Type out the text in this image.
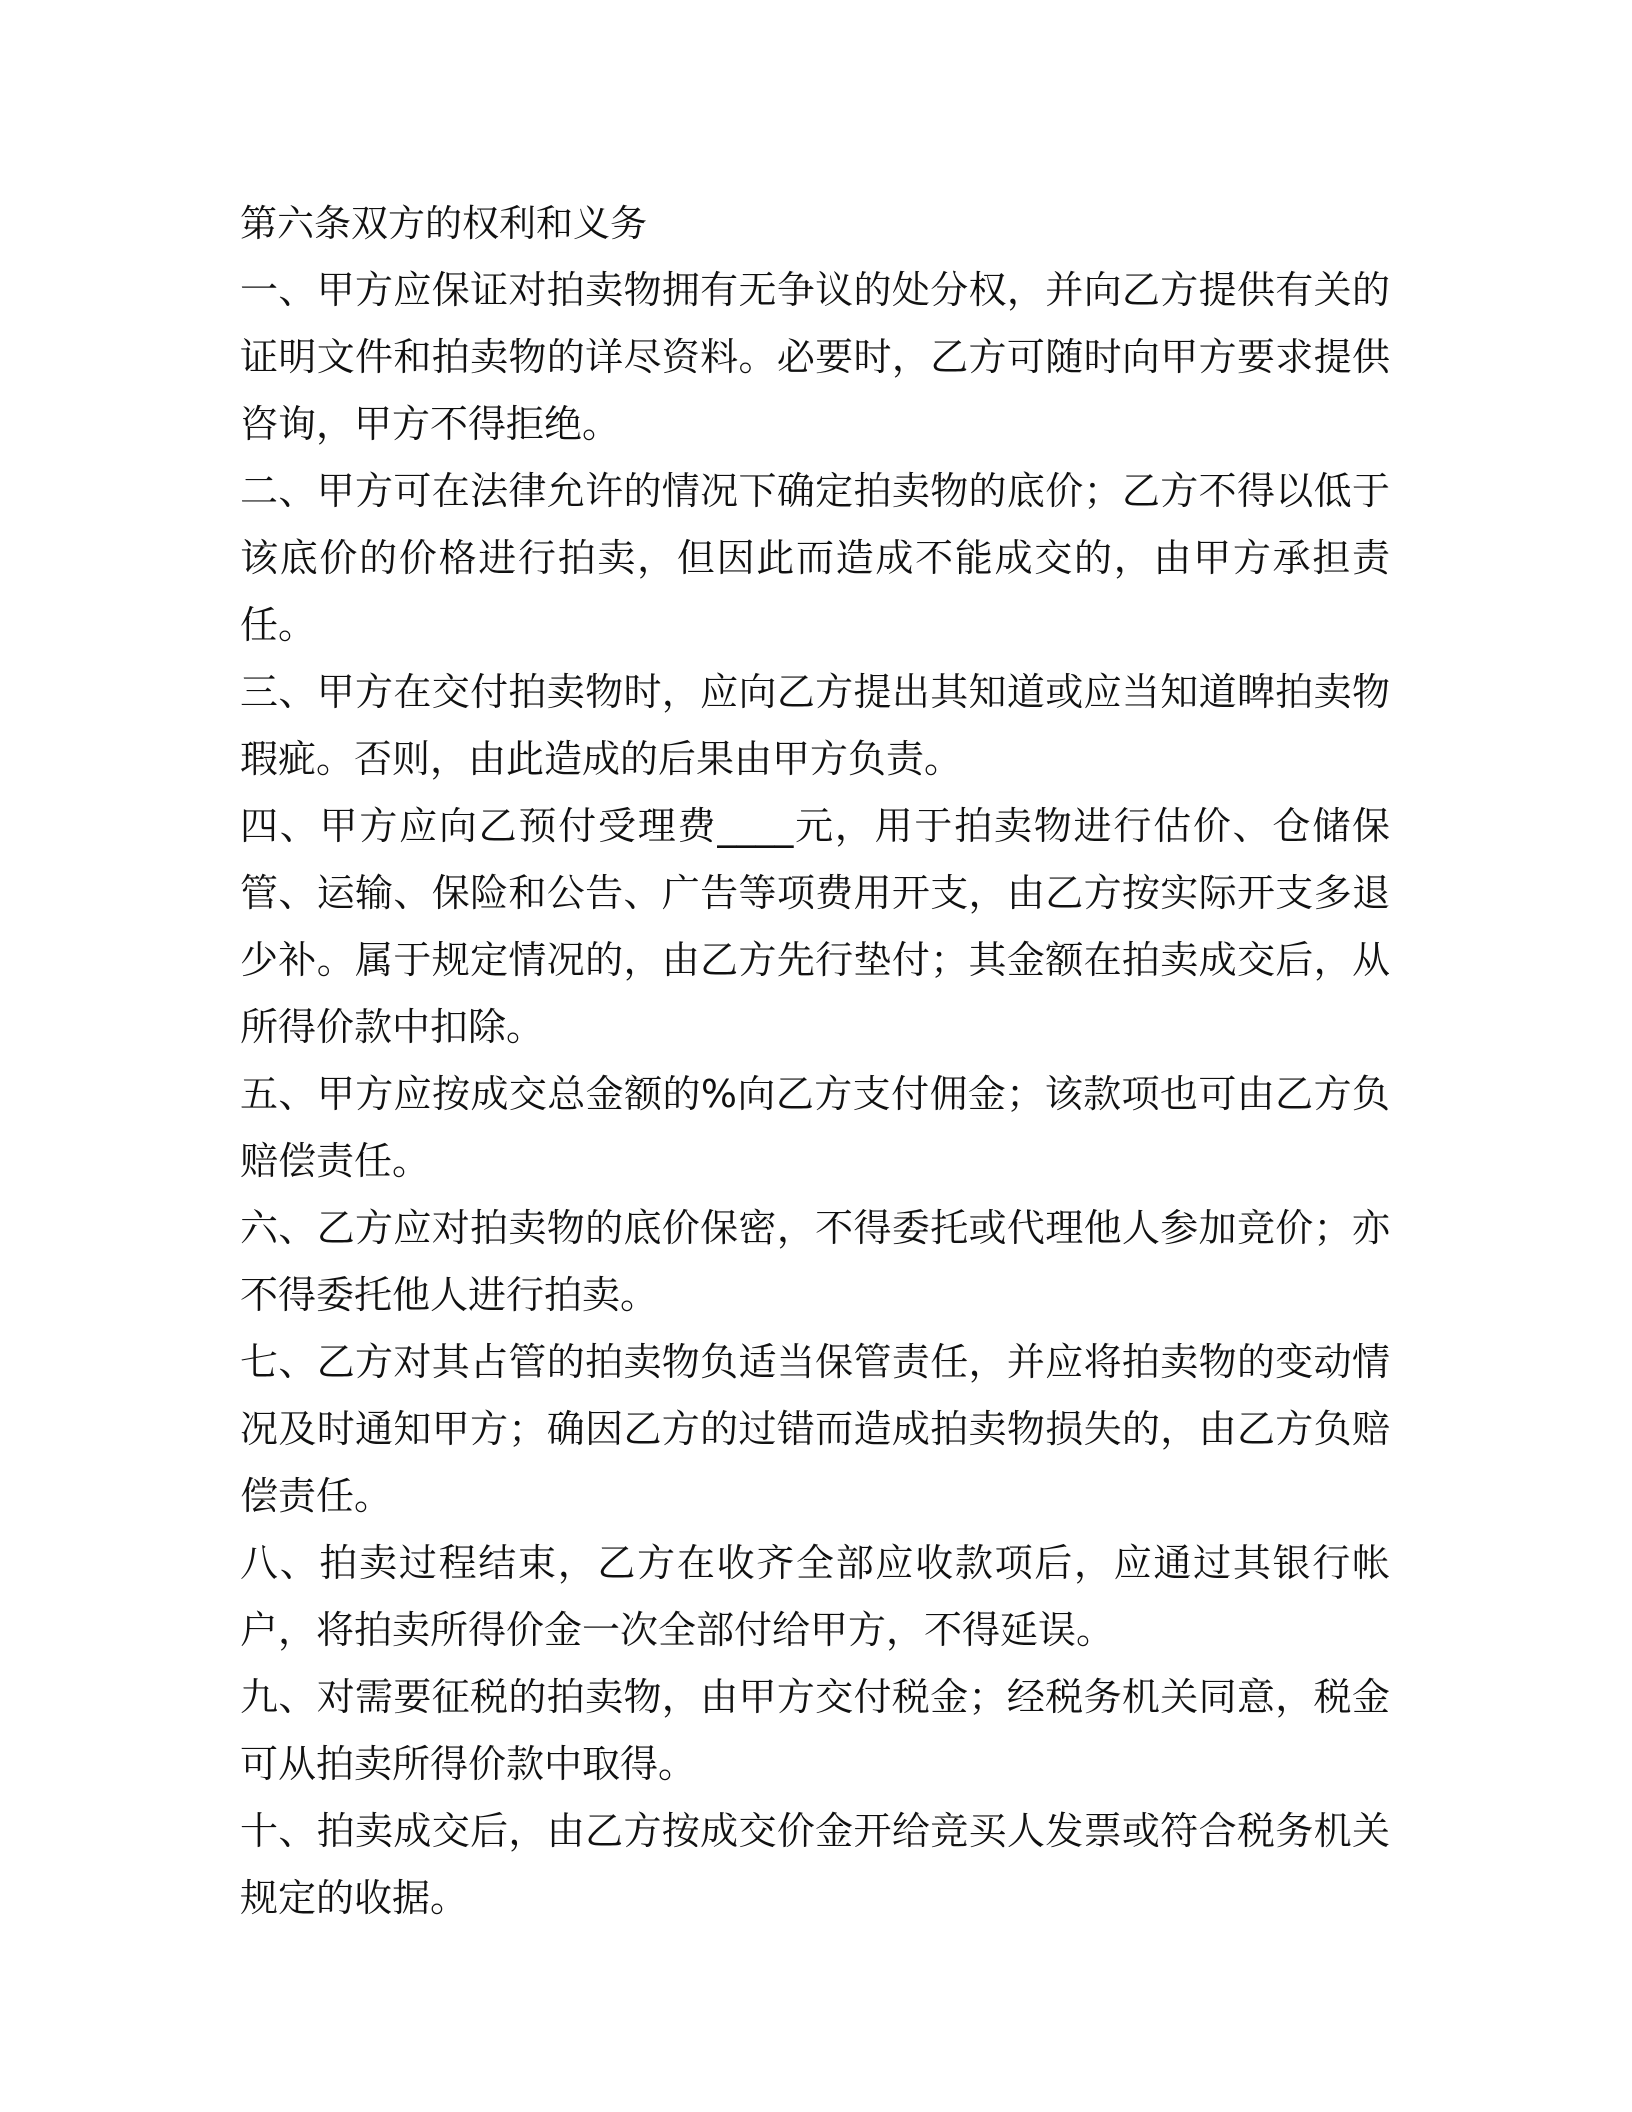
第六条双方的权利和义务

一、甲方应保证对拍卖物拥有无争议的处分权，并向乙方提供有关的证明文件和拍卖物的详尽资料。必要时，乙方可随时向甲方要求提供咨询，甲方不得拒绝。

二、甲方可在法律允许的情况下确定拍卖物的底价；乙方不得以低于该底价的价格进行拍卖，但因此而造成不能成交的，由甲方承担责任。

三、甲方在交付拍卖物时，应向乙方提出其知道或应当知道睥拍卖物瑕疵。否则，由此造成的后果由甲方负责。

四、甲方应向乙预付受理费____元，用于拍卖物进行估价、仓储保管、运输、保险和公告、广告等项费用开支，由乙方按实际开支多退少补。属于规定情况的，由乙方先行垫付；其金额在拍卖成交后，从所得价款中扣除。

五、甲方应按成交总金额的%向乙方支付佣金；该款项也可由乙方负赔偿责任。

六、乙方应对拍卖物的底价保密，不得委托或代理他人参加竞价；亦不得委托他人进行拍卖。

七、乙方对其占管的拍卖物负适当保管责任，并应将拍卖物的变动情况及时通知甲方；确因乙方的过错而造成拍卖物损失的，由乙方负赔偿责任。

八、拍卖过程结束，乙方在收齐全部应收款项后，应通过其银行帐户，将拍卖所得价金一次全部付给甲方，不得延误。

九、对需要征税的拍卖物，由甲方交付税金；经税务机关同意，税金可从拍卖所得价款中取得。

十、拍卖成交后，由乙方按成交价金开给竞买人发票或符合税务机关规定的收据。
